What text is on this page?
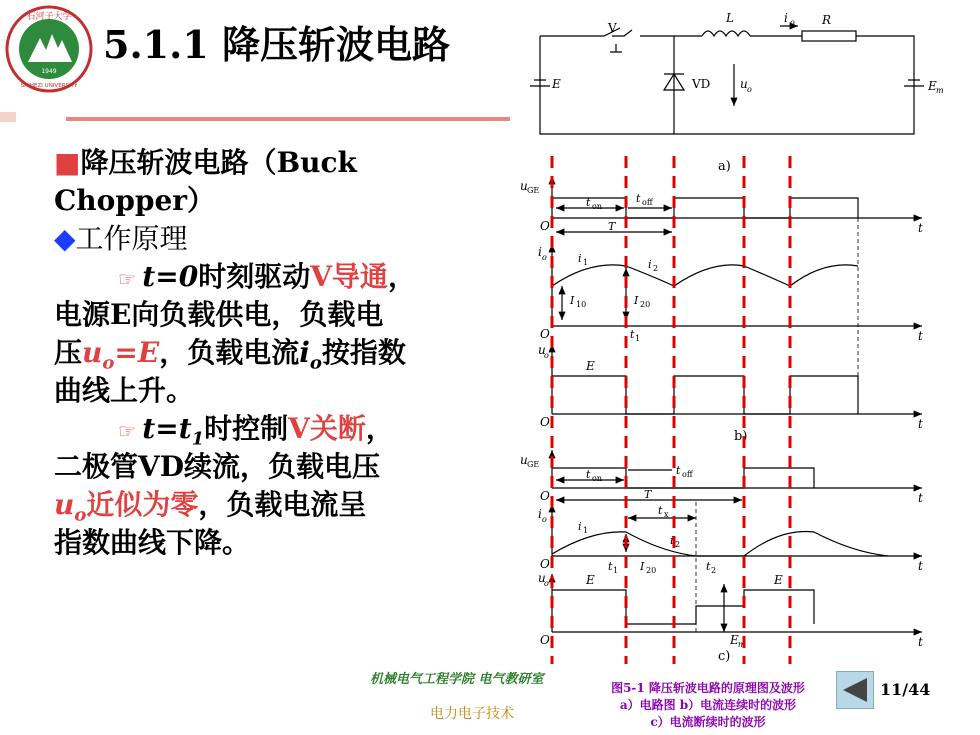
石河子大学
1949
SHIHEZI UNIVERSITY
5.1.1 降压斩波电路
■降压斩波电路（Buck
Chopper）
◆工作原理
☞ t=0时刻驱动V导通，
电源E向负载供电，负载电
压$u_o=E$，负载电流$i_o$按指数
曲线上升。
☞ $t=t_1$时控制V关断，
二极管VD续流，负载电压
$u_o$近似为零，负载电流呈
指数曲线下降。
V
L	i o R
E	VD u o	E m
a)
u GE
t on
t off
T
O	t
i o	i 1	i 2
I 10	I 20
O	t 1	t
u
o
E
O	t
b)
u GE
t on
t off
T
t x
O	t
i o
i 1
i 2
O	t 1 I 20	t 2	t
u
o	E	E
O	E m	t
c)
机械电气工程学院 电气教研室
电力电子技术
图5-1 降压斩波电路的原理图及波形
a）电路图 b）电流连续时的波形
c）电流断续时的波形
11/44
